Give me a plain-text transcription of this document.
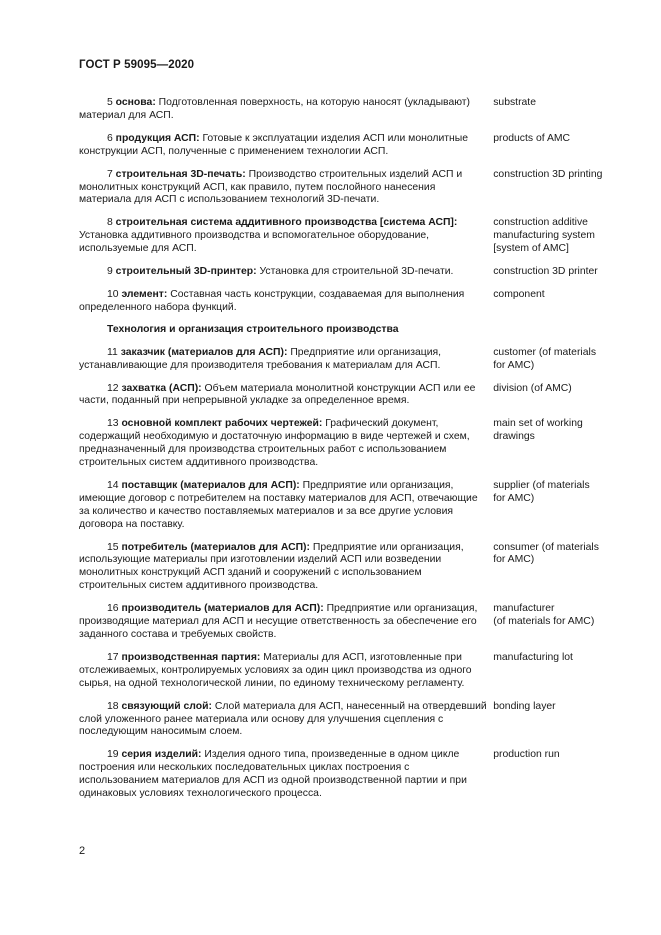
ГОСТ Р 59095—2020
5 основа: Подготовленная поверхность, на которую наносят (укладывают) материал для АСП.
substrate
6 продукция АСП: Готовые к эксплуатации изделия АСП или монолитные конструкции АСП, полученные с применением технологии АСП.
products of AMC
7 строительная 3D-печать: Производство строительных изделий АСП и монолитных конструкций АСП, как правило, путем послойного нанесения материала для АСП с использованием технологий 3D-печати.
construction 3D printing
8 строительная система аддитивного производства [система АСП]: Установка аддитивного производства и вспомогательное оборудование, используемые для АСП.
construction additive
manufacturing system
[system of AMC]
9 строительный 3D-принтер: Установка для строительной 3D-печати.	construction 3D printer
10 элемент: Составная часть конструкции, создаваемая для выполнения определенного набора функций.
component
Технология и организация строительного производства
11 заказчик (материалов для АСП): Предприятие или организация, устанавливающие для производителя требования к материалам для АСП.
customer (of materials
for AMC)
12 захватка (АСП): Объем материала монолитной конструкции АСП или ее части, поданный при непрерывной укладке за определенное время.
division (of AMC)
13 основной комплект рабочих чертежей: Графический документ, содержащий необходимую и достаточную информацию в виде чертежей и схем, предназначенный для производства строительных работ с использованием строительных систем аддитивного производства.
main set of working
drawings
14 поставщик (материалов для АСП): Предприятие или организация, имеющие договор с потребителем на поставку материалов для АСП, отвечающие за количество и качество поставляемых материалов и за все другие условия договора на поставку.
supplier (of materials
for AMC)
15 потребитель (материалов для АСП): Предприятие или организация, использующие материалы при изготовлении изделий АСП или возведении монолитных конструкций АСП зданий и сооружений с использованием строительных систем аддитивного производства.
consumer (of materials
for AMC)
16 производитель (материалов для АСП): Предприятие или организация, производящие материал для АСП и несущие ответственность за обеспечение его заданного состава и требуемых свойств.
manufacturer
(of materials for AMC)
17 производственная партия: Материалы для АСП, изготовленные при отслеживаемых, контролируемых условиях за один цикл производства из одного сырья, на одной технологической линии, по единому техническому регламенту.
manufacturing lot
18 связующий слой: Слой материала для АСП, нанесенный на отвердевший слой уложенного ранее материала или основу для улучшения сцепления с последующим наносимым слоем.
bonding layer
19 серия изделий: Изделия одного типа, произведенные в одном цикле построения или нескольких последовательных циклах построения с использованием материалов для АСП из одной производственной партии и при одинаковых условиях технологического процесса.
production run
2
